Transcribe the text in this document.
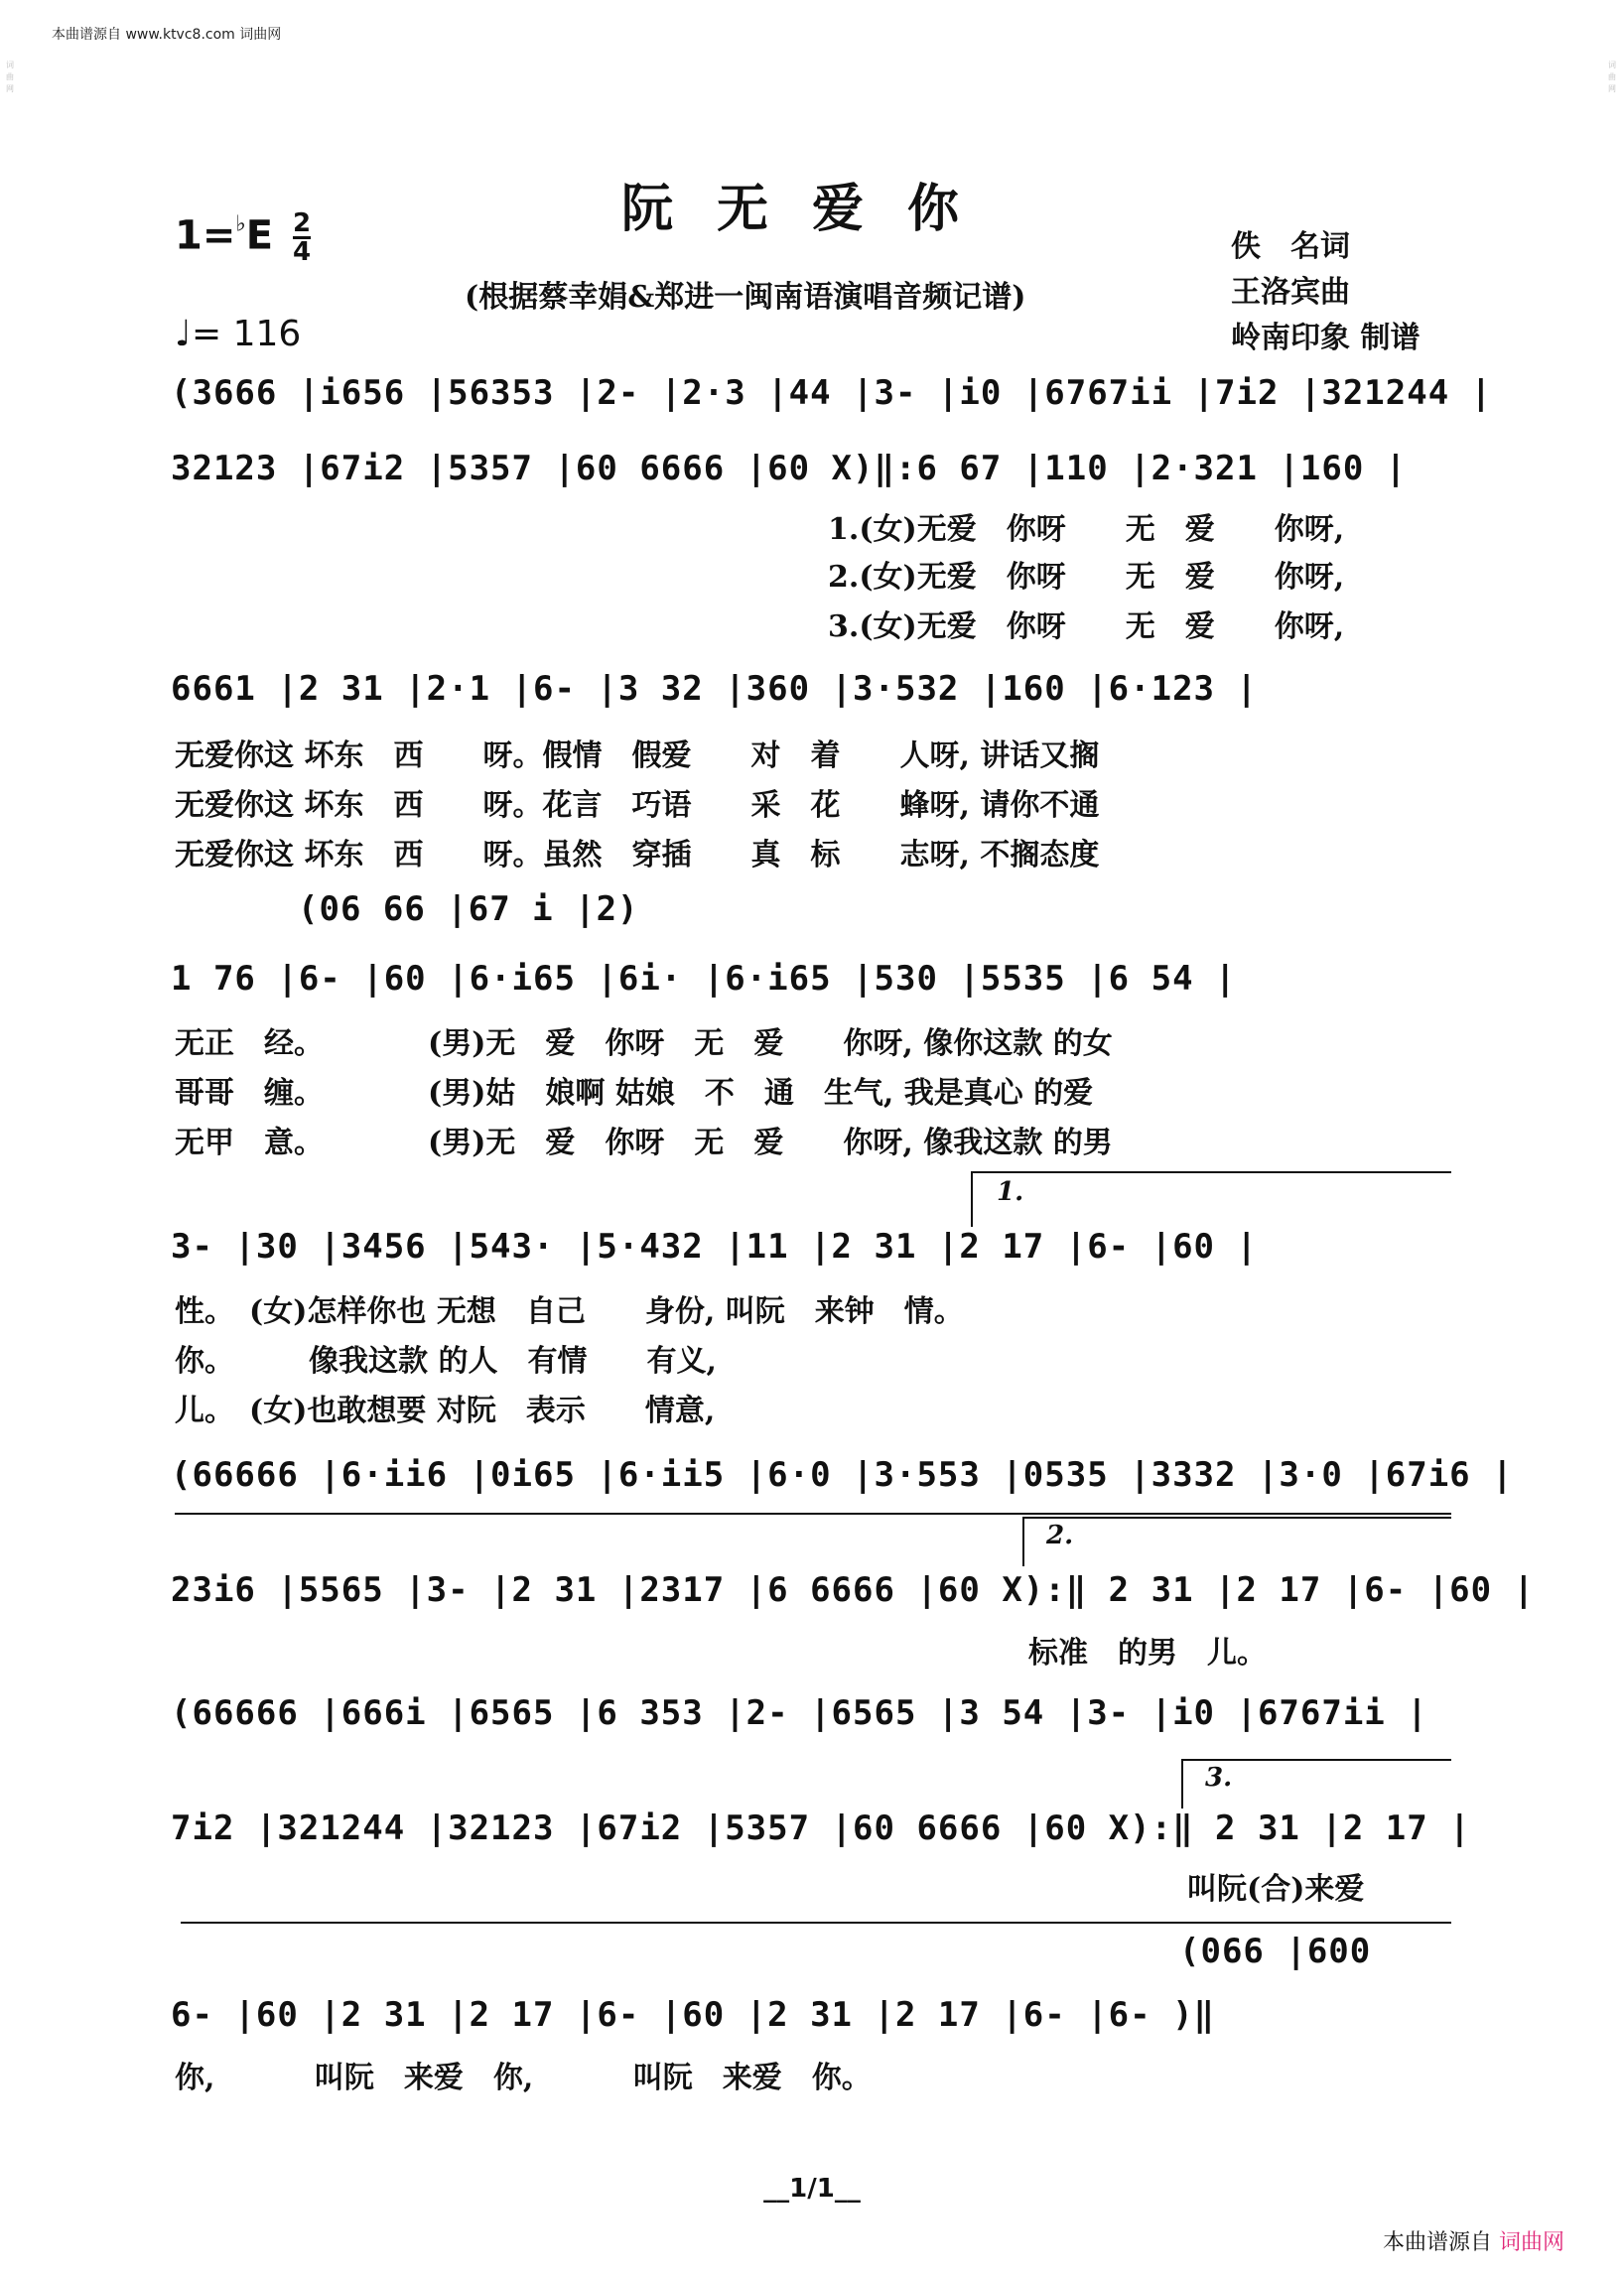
本曲谱源自 www.ktvc8.com 词曲网
词曲网
词曲网
阮无爱你
$1=^♭E \frac{2}{4}$
♩= 116
(根据蔡幸娟&郑进一闽南语演唱音频记谱)
佚　名词
王洛宾曲
岭南印象 制谱
(3666 |i656 |56353 |2- |2·3 |44 |3- |i0 |6767ii |7i2 |321244 |
32123 |67i2 |5357 |60 6666 |60 X)‖:6 67 |110 |2·321 |160 |
1.(女)无爱　你呀　　无　爱　　你呀,
2.(女)无爱　你呀　　无　爱　　你呀,
3.(女)无爱　你呀　　无　爱　　你呀,
6661 |2 31 |2·1 |6- |3 32 |360 |3·532 |160 |6·123 |
无爱你这 坏东　西　　呀。假情　假爱　　对　着　　人呀, 讲话又搁
无爱你这 坏东　西　　呀。花言　巧语　　采　花　　蜂呀, 请你不通
无爱你这 坏东　西　　呀。虽然　穿插　　真　标　　志呀, 不搁态度
(06 66 |67 i |2)
1 76 |6- |60 |6·i65 |6i· |6·i65 |530 |5535 |6 54 |
无正　经。　　　　(男)无　爱　你呀　无　爱　　你呀, 像你这款 的女
哥哥　缠。　　　　(男)姑　娘啊 姑娘　不　通　生气, 我是真心 的爱
无甲　意。　　　　(男)无　爱　你呀　无　爱　　你呀, 像我这款 的男
1.
3- |30 |3456 |543· |5·432 |11 |2 31 |2 17 |6- |60 |
性。　(女)怎样你也 无想　自己　　身份, 叫阮　来钟　情。
你。　　　像我这款 的人　有情　　有义,
儿。　(女)也敢想要 对阮　表示　　情意,
(66666 |6·ii6 |0i65 |6·ii5 |6·0 |3·553 |0535 |3332 |3·0 |67i6 |
2.
23i6 |5565 |3- |2 31 |2317 |6 6666 |60 X):‖ 2 31 |2 17 |6- |60 |
标准　的男　儿。
(66666 |666i |6565 |6 353 |2- |6565 |3 54 |3- |i0 |6767ii |
3.
7i2 |321244 |32123 |67i2 |5357 |60 6666 |60 X):‖ 2 31 |2 17 |
叫阮(合)来爱
(066 |600
6- |60 |2 31 |2 17 |6- |60 |2 31 |2 17 |6- |6- )‖
你,　　　 叫阮　来爱　你,　　　 叫阮　来爱　你。
__1/1__
本曲谱源自 词曲网
